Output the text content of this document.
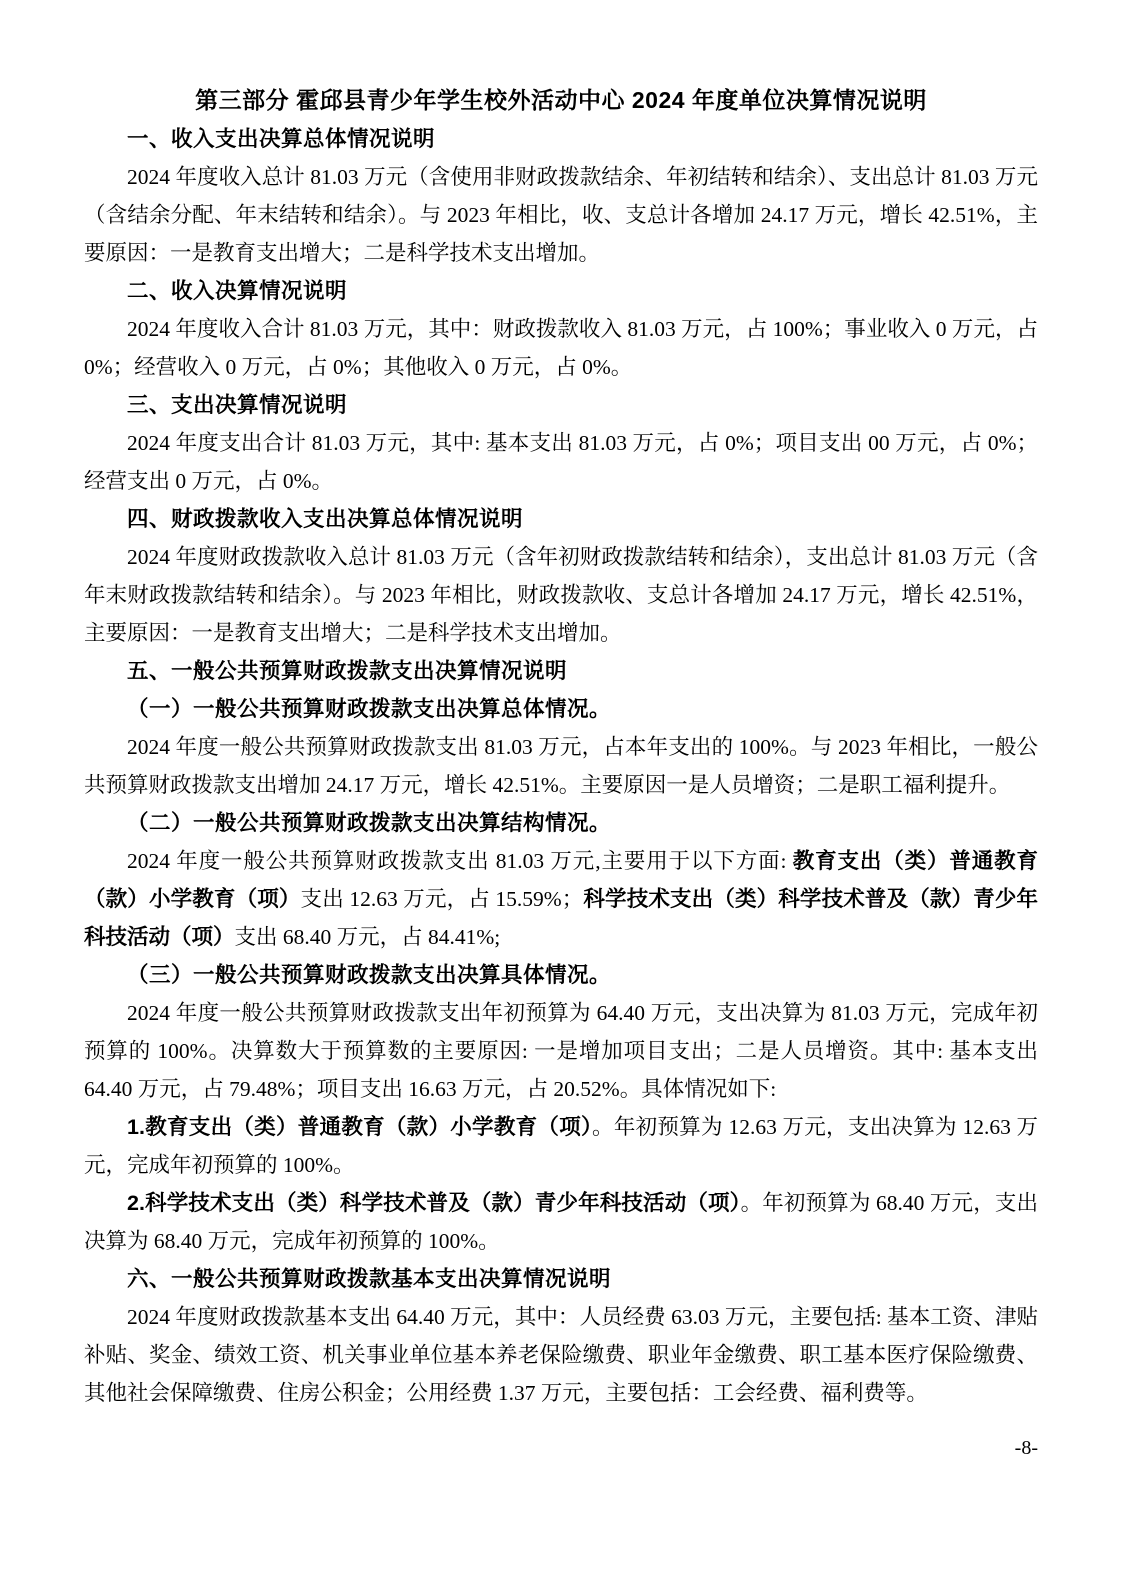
第三部分 霍邱县青少年学生校外活动中心 2024 年度单位决算情况说明
一、收入支出决算总体情况说明
2024 年度收入总计 81.03 万元（含使用非财政拨款结余、年初结转和结余）、支出总计 81.03 万元（含结余分配、年末结转和结余）。与 2023 年相比，收、支总计各增加 24.17 万元，增长 42.51%，主要原因：一是教育支出增大；二是科学技术支出增加。
二、收入决算情况说明
2024 年度收入合计 81.03 万元，其中：财政拨款收入 81.03 万元，占 100%；事业收入 0 万元，占 0%；经营收入 0 万元，占 0%；其他收入 0 万元，占 0%。
三、支出决算情况说明
2024 年度支出合计 81.03 万元，其中: 基本支出 81.03 万元，占 0%；项目支出 00 万元，占 0%；经营支出 0 万元，占 0%。
四、财政拨款收入支出决算总体情况说明
2024 年度财政拨款收入总计 81.03 万元（含年初财政拨款结转和结余），支出总计 81.03 万元（含年末财政拨款结转和结余）。与 2023 年相比，财政拨款收、支总计各增加 24.17 万元，增长 42.51%，主要原因：一是教育支出增大；二是科学技术支出增加。
五、一般公共预算财政拨款支出决算情况说明
（一）一般公共预算财政拨款支出决算总体情况。
2024 年度一般公共预算财政拨款支出 81.03 万元，占本年支出的 100%。与 2023 年相比，一般公共预算财政拨款支出增加 24.17 万元，增长 42.51%。主要原因一是人员增资；二是职工福利提升。
（二）一般公共预算财政拨款支出决算结构情况。
2024 年度一般公共预算财政拨款支出 81.03 万元,主要用于以下方面: 教育支出（类）普通教育（款）小学教育（项）支出 12.63 万元，占 15.59%；科学技术支出（类）科学技术普及（款）青少年科技活动（项）支出 68.40 万元，占 84.41%;
（三）一般公共预算财政拨款支出决算具体情况。
2024 年度一般公共预算财政拨款支出年初预算为 64.40 万元，支出决算为 81.03 万元，完成年初预算的 100%。决算数大于预算数的主要原因: 一是增加项目支出；二是人员增资。其中: 基本支出 64.40 万元，占 79.48%；项目支出 16.63 万元，占 20.52%。具体情况如下:
1.教育支出（类）普通教育（款）小学教育（项）。年初预算为 12.63 万元，支出决算为 12.63 万元，完成年初预算的 100%。
2.科学技术支出（类）科学技术普及（款）青少年科技活动（项）。年初预算为 68.40 万元，支出决算为 68.40 万元，完成年初预算的 100%。
六、一般公共预算财政拨款基本支出决算情况说明
2024 年度财政拨款基本支出 64.40 万元，其中：人员经费 63.03 万元，主要包括: 基本工资、津贴补贴、奖金、绩效工资、机关事业单位基本养老保险缴费、职业年金缴费、职工基本医疗保险缴费、其他社会保障缴费、住房公积金；公用经费 1.37 万元，主要包括：工会经费、福利费等。
-8-
